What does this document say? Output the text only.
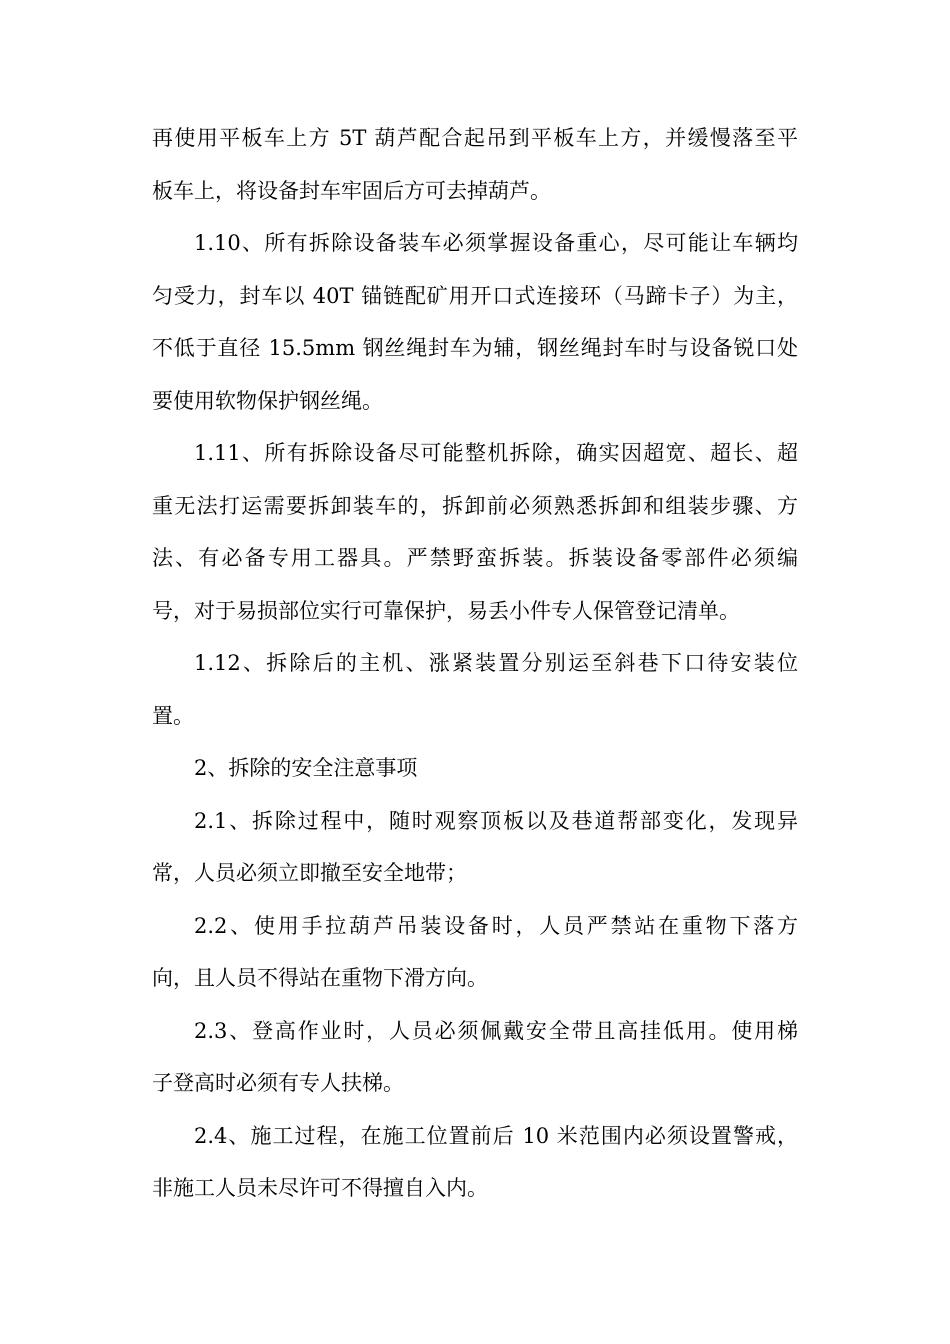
再使用平板车上方 5T 葫芦配合起吊到平板车上方，并缓慢落至平
板车上，将设备封车牢固后方可去掉葫芦。
1.10、所有拆除设备装车必须掌握设备重心，尽可能让车辆均
匀受力，封车以 40T 锚链配矿用开口式连接环（马蹄卡子）为主，
不低于直径 15.5mm 钢丝绳封车为辅，钢丝绳封车时与设备锐口处
要使用软物保护钢丝绳。
1.11、所有拆除设备尽可能整机拆除，确实因超宽、超长、超
重无法打运需要拆卸装车的，拆卸前必须熟悉拆卸和组装步骤、方
法、有必备专用工器具。严禁野蛮拆装。拆装设备零部件必须编
号，对于易损部位实行可靠保护，易丢小件专人保管登记清单。
1.12、拆除后的主机、涨紧装置分别运至斜巷下口待安装位
置。
2、拆除的安全注意事项
2.1、拆除过程中，随时观察顶板以及巷道帮部变化，发现异
常，人员必须立即撤至安全地带；
2.2、使用手拉葫芦吊装设备时，人员严禁站在重物下落方
向，且人员不得站在重物下滑方向。
2.3、登高作业时，人员必须佩戴安全带且高挂低用。使用梯
子登高时必须有专人扶梯。
2.4、施工过程，在施工位置前后 10 米范围内必须设置警戒，
非施工人员未尽许可不得擅自入内。
